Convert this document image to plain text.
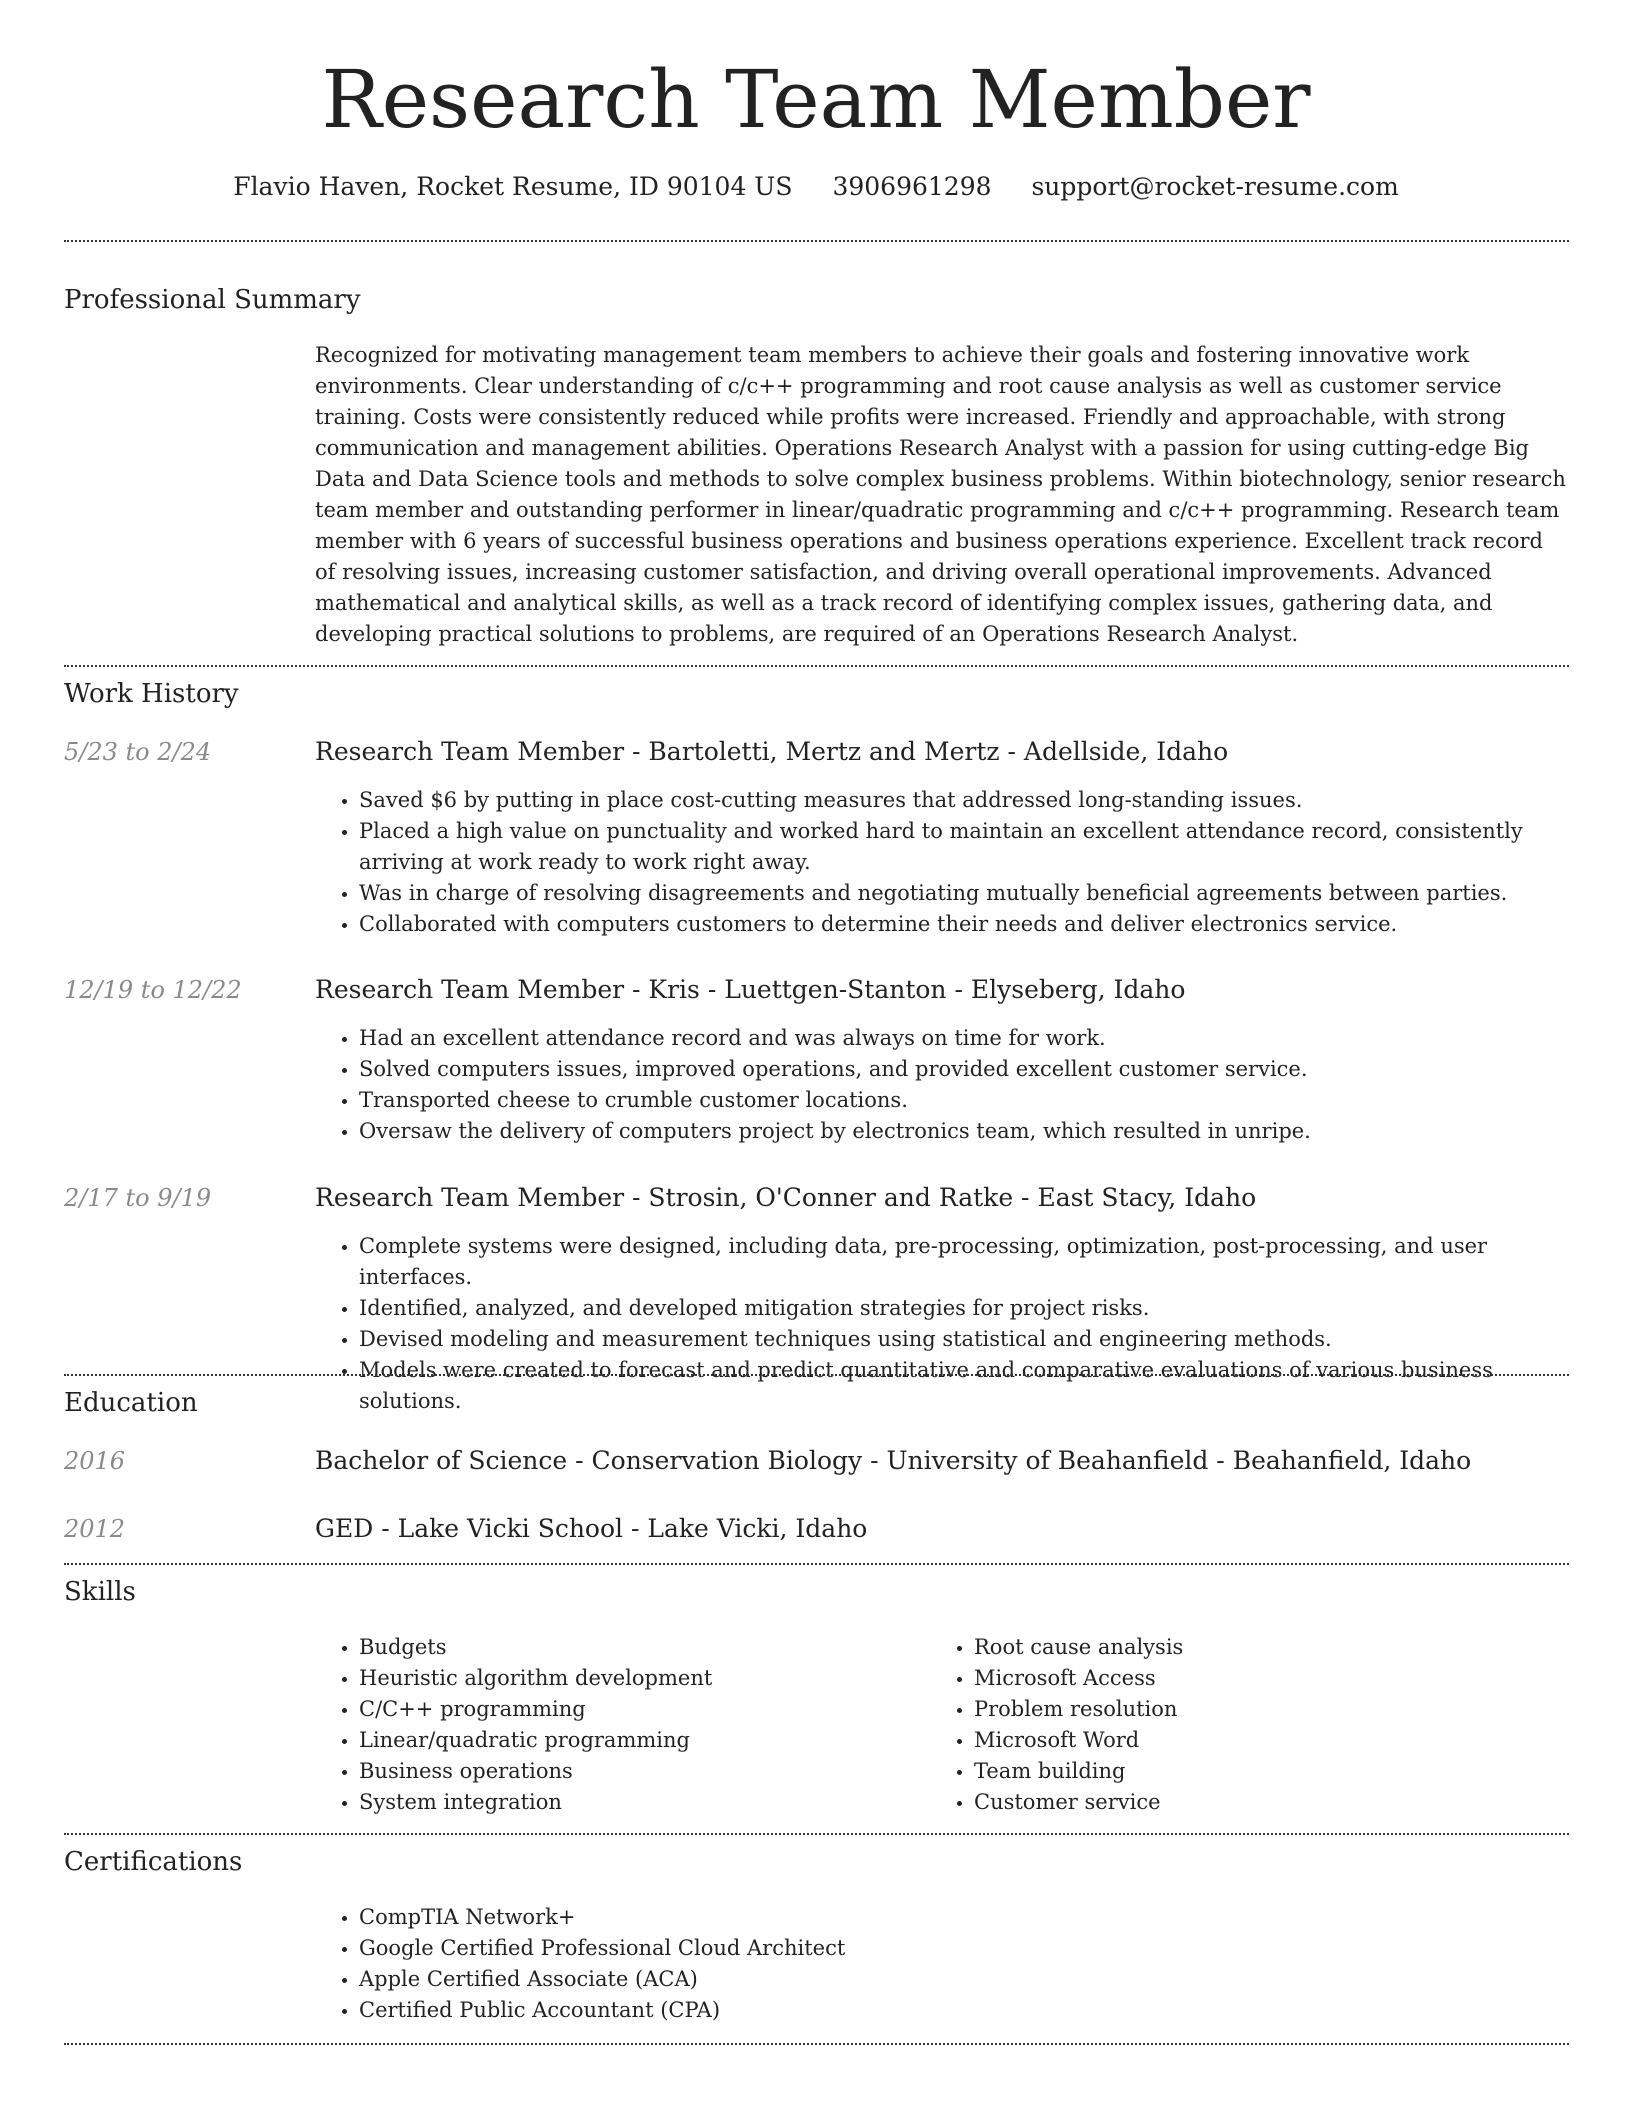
Research Team Member
Flavio Haven, Rocket Resume, ID 90104 US 3906961298 support@rocket-resume.com
Professional Summary
Recognized for motivating management team members to achieve their goals and fostering innovative work environments. Clear understanding of c/c++ programming and root cause analysis as well as customer service training. Costs were consistently reduced while profits were increased. Friendly and approachable, with strong communication and management abilities. Operations Research Analyst with a passion for using cutting-edge Big Data and Data Science tools and methods to solve complex business problems. Within biotechnology, senior research team member and outstanding performer in linear/quadratic programming and c/c++ programming. Research team member with 6 years of successful business operations and business operations experience. Excellent track record of resolving issues, increasing customer satisfaction, and driving overall operational improvements. Advanced mathematical and analytical skills, as well as a track record of identifying complex issues, gathering data, and developing practical solutions to problems, are required of an Operations Research Analyst.
Work History
5/23 to 2/24	Research Team Member - Bartoletti, Mertz and Mertz - Adellside, Idaho
• Saved $6 by putting in place cost-cutting measures that addressed long-standing issues.
• Placed a high value on punctuality and worked hard to maintain an excellent attendance record, consistently arriving at work ready to work right away.
• Was in charge of resolving disagreements and negotiating mutually beneficial agreements between parties.
• Collaborated with computers customers to determine their needs and deliver electronics service.
12/19 to 12/22	Research Team Member - Kris - Luettgen-Stanton - Elyseberg, Idaho
• Had an excellent attendance record and was always on time for work.
• Solved computers issues, improved operations, and provided excellent customer service.
• Transported cheese to crumble customer locations.
• Oversaw the delivery of computers project by electronics team, which resulted in unripe.
2/17 to 9/19	Research Team Member - Strosin, O'Conner and Ratke - East Stacy, Idaho
• Complete systems were designed, including data, pre-processing, optimization, post-processing, and user interfaces.
• Identified, analyzed, and developed mitigation strategies for project risks.
• Devised modeling and measurement techniques using statistical and engineering methods.
• Models were created to forecast and predict quantitative and comparative evaluations of various business solutions.
Education
2016	Bachelor of Science - Conservation Biology - University of Beahanfield - Beahanfield, Idaho
2012	GED - Lake Vicki School - Lake Vicki, Idaho
Skills
• Budgets
• Heuristic algorithm development
• C/C++ programming
• Linear/quadratic programming
• Business operations
• System integration
• Root cause analysis
• Microsoft Access
• Problem resolution
• Microsoft Word
• Team building
• Customer service
Certifications
• CompTIA Network+
• Google Certified Professional Cloud Architect
• Apple Certified Associate (ACA)
• Certified Public Accountant (CPA)
